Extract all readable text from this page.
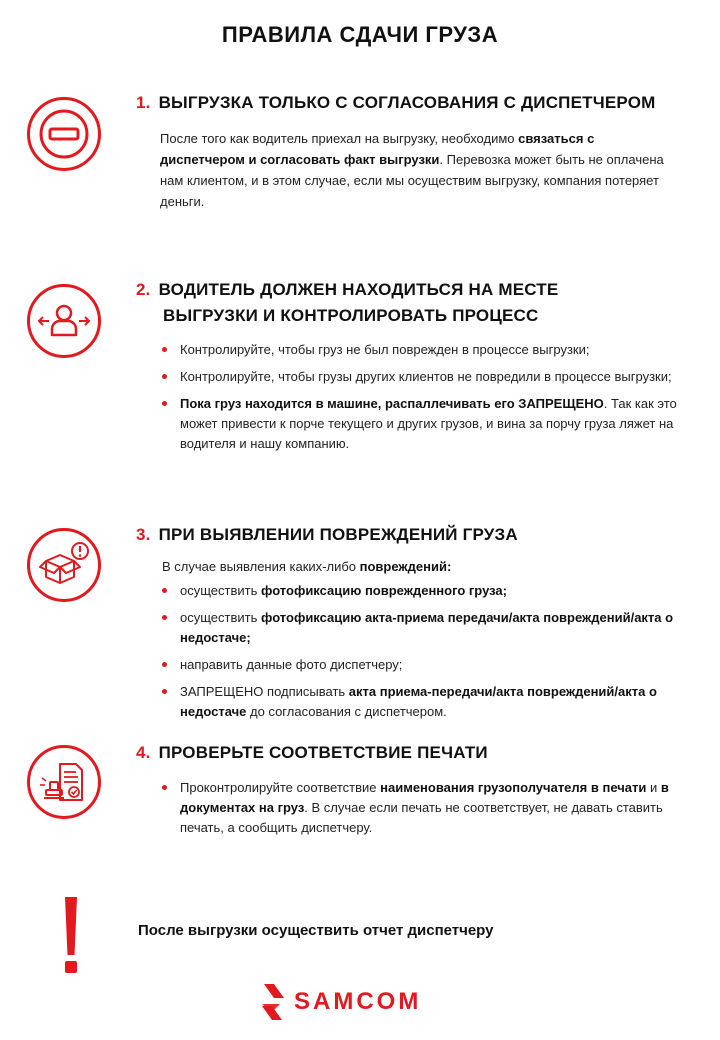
ПРАВИЛА СДАЧИ ГРУЗА
1. ВЫГРУЗКА ТОЛЬКО С СОГЛАСОВАНИЯ С ДИСПЕТЧЕРОМ
После того как водитель приехал на выгрузку, необходимо связаться с диспетчером и согласовать факт выгрузки. Перевозка может быть не оплачена нам клиентом, и в этом случае, если мы осуществим выгрузку, компания потеряет деньги.
2. ВОДИТЕЛЬ ДОЛЖЕН НАХОДИТЬСЯ НА МЕСТЕ
ВЫГРУЗКИ И КОНТРОЛИРОВАТЬ ПРОЦЕСС
Контролируйте, чтобы груз не был поврежден в процессе выгрузки;
Контролируйте, чтобы грузы других клиентов не повредили в процессе выгрузки;
Пока груз находится в машине, распаллечивать его ЗАПРЕЩЕНО. Так как это может привести к порче текущего и других грузов, и вина за порчу груза ляжет на водителя и нашу компанию.
3. ПРИ ВЫЯВЛЕНИИ ПОВРЕЖДЕНИЙ ГРУЗА
В случае выявления каких-либо повреждений:
осуществить фотофиксацию поврежденного груза;
осуществить фотофиксацию акта-приема передачи/акта повреждений/акта о недостаче;
направить данные фото диспетчеру;
ЗАПРЕЩЕНО подписывать акта приема-передачи/акта повреждений/акта о недостаче до согласования с диспетчером.
4. ПРОВЕРЬТЕ СООТВЕТСТВИЕ ПЕЧАТИ
Проконтролируйте соответствие наименования грузополучателя в печати и в документах на груз. В случае если печать не соответствует, не давать ставить печать, а сообщить диспетчеру.
После выгрузки осуществить отчет диспетчеру
SAMCOM
